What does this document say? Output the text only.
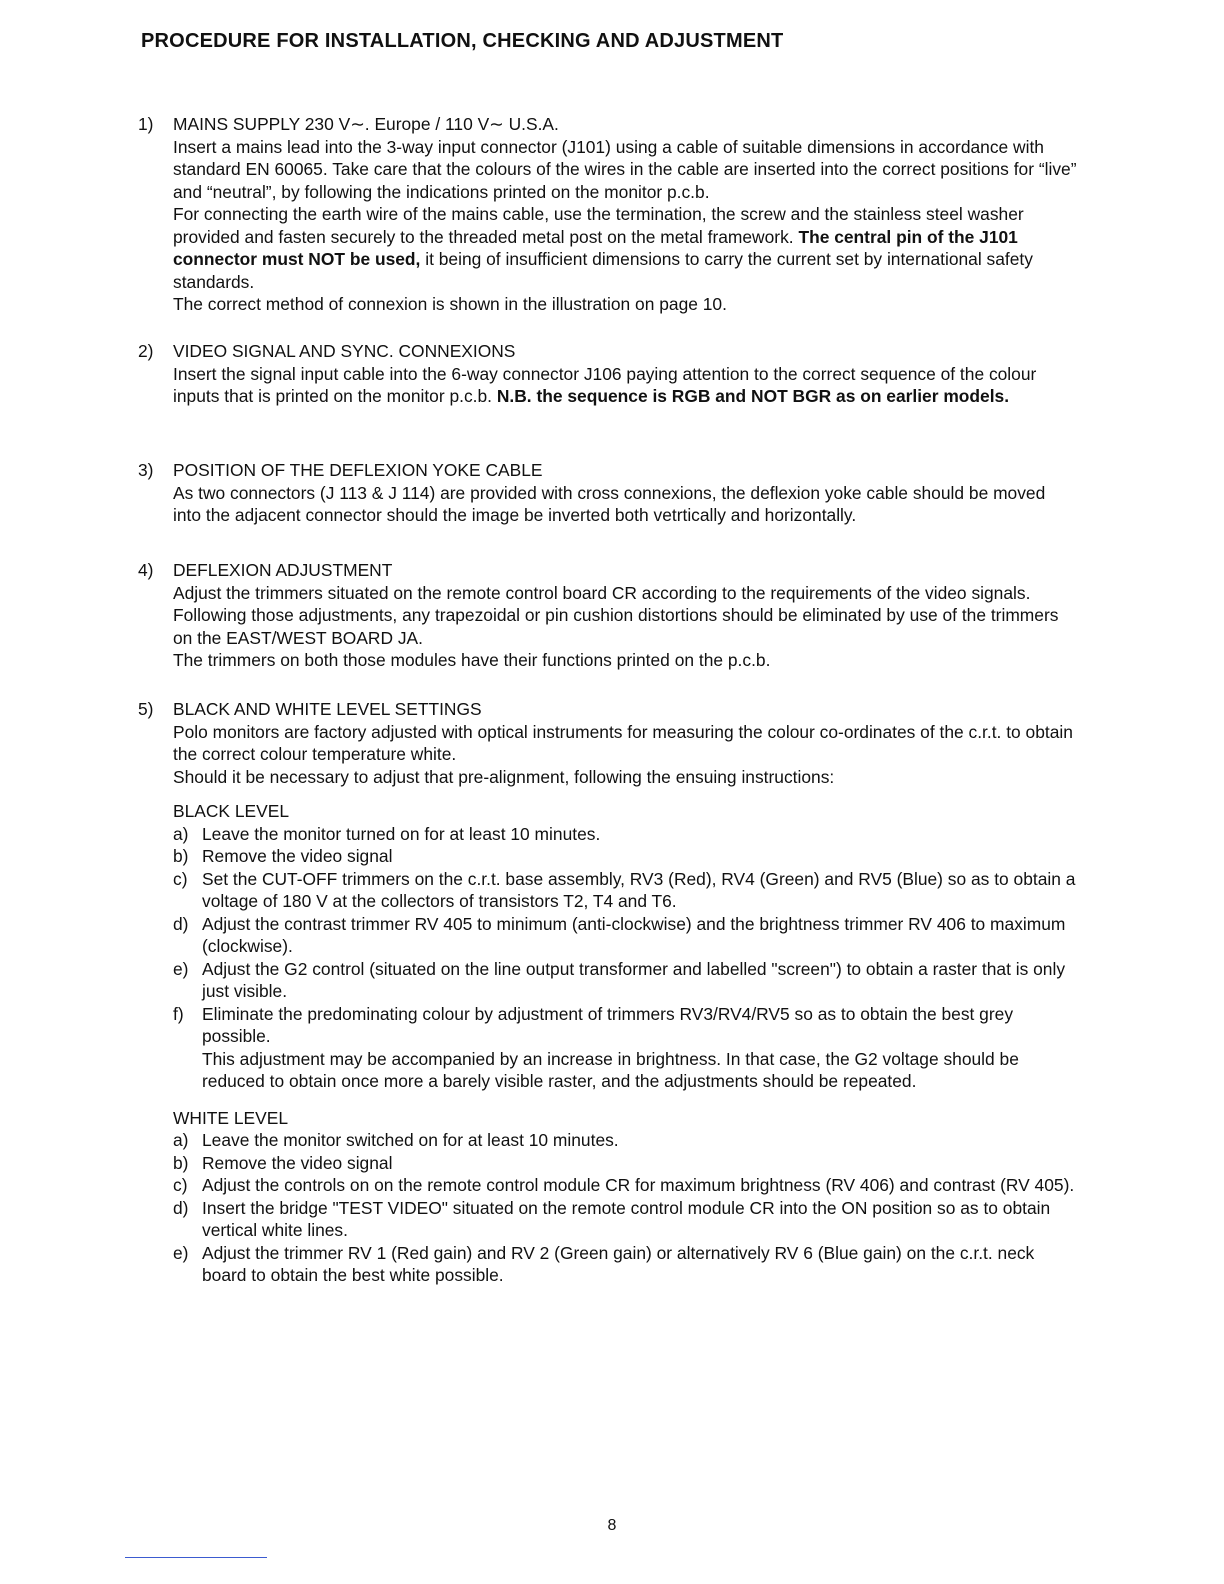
PROCEDURE FOR INSTALLATION, CHECKING AND ADJUSTMENT
1)	MAINS SUPPLY 230 V∼. Europe / 110 V∼ U.S.A.
Insert a mains lead into the 3-way input connector (J101) using a cable of suitable dimensions in accordance with standard EN 60065. Take care that the colours of the wires in the cable are inserted into the correct positions for “live” and “neutral”, by following the indications printed on the monitor p.c.b.
For connecting the earth wire of the mains cable, use the termination, the screw and the stainless steel washer provided and fasten securely to the threaded metal post on the metal framework. The central pin of the J101 connector must NOT be used, it being of insufficient dimensions to carry the current set by international safety standards.
The correct method of connexion is shown in the illustration on page 10.
2)	VIDEO SIGNAL AND SYNC. CONNEXIONS
Insert the signal input cable into the 6-way connector J106 paying attention to the correct sequence of the colour inputs that is printed on the monitor p.c.b. N.B. the sequence is RGB and NOT BGR as on earlier models.
3)	POSITION OF THE DEFLEXION YOKE CABLE
As two connectors (J 113 & J 114) are provided with cross connexions, the deflexion yoke cable should be moved into the adjacent connector should the image be inverted both vetrtically and horizontally.
4)	DEFLEXION ADJUSTMENT
Adjust the trimmers situated on the remote control board CR according to the requirements of the video signals. Following those adjustments, any trapezoidal or pin cushion distortions should be eliminated by use of the trimmers on the EAST/WEST BOARD JA.
The trimmers on both those modules have their functions printed on the p.c.b.
5)	BLACK AND WHITE LEVEL SETTINGS
Polo monitors are factory adjusted with optical instruments for measuring the colour co-ordinates of the c.r.t. to obtain the correct colour temperature white.
Should it be necessary to adjust that pre-alignment, following the ensuing instructions:
BLACK LEVEL
a) Leave the monitor turned on for at least 10 minutes.
b) Remove the video signal
c) Set the CUT-OFF trimmers on the c.r.t. base assembly, RV3 (Red), RV4 (Green) and RV5 (Blue) so as to obtain a voltage of 180 V at the collectors of transistors T2, T4 and T6.
d) Adjust the contrast trimmer RV 405 to minimum (anti-clockwise) and the brightness trimmer RV 406 to maximum (clockwise).
e) Adjust the G2 control (situated on the line output transformer and labelled "screen") to obtain a raster that is only just visible.
f) Eliminate the predominating colour by adjustment of trimmers RV3/RV4/RV5 so as to obtain the best grey possible.
This adjustment may be accompanied by an increase in brightness. In that case, the G2 voltage should be reduced to obtain once more a barely visible raster, and the adjustments should be repeated.
WHITE LEVEL
a) Leave the monitor switched on for at least 10 minutes.
b) Remove the video signal
c) Adjust the controls on on the remote control module CR for maximum brightness (RV 406) and contrast (RV 405).
d) Insert the bridge "TEST VIDEO" situated on the remote control module CR into the ON position so as to obtain vertical white lines.
e) Adjust the trimmer RV 1 (Red gain) and RV 2 (Green gain) or alternatively RV 6 (Blue gain) on the c.r.t. neck board to obtain the best white possible.
8
